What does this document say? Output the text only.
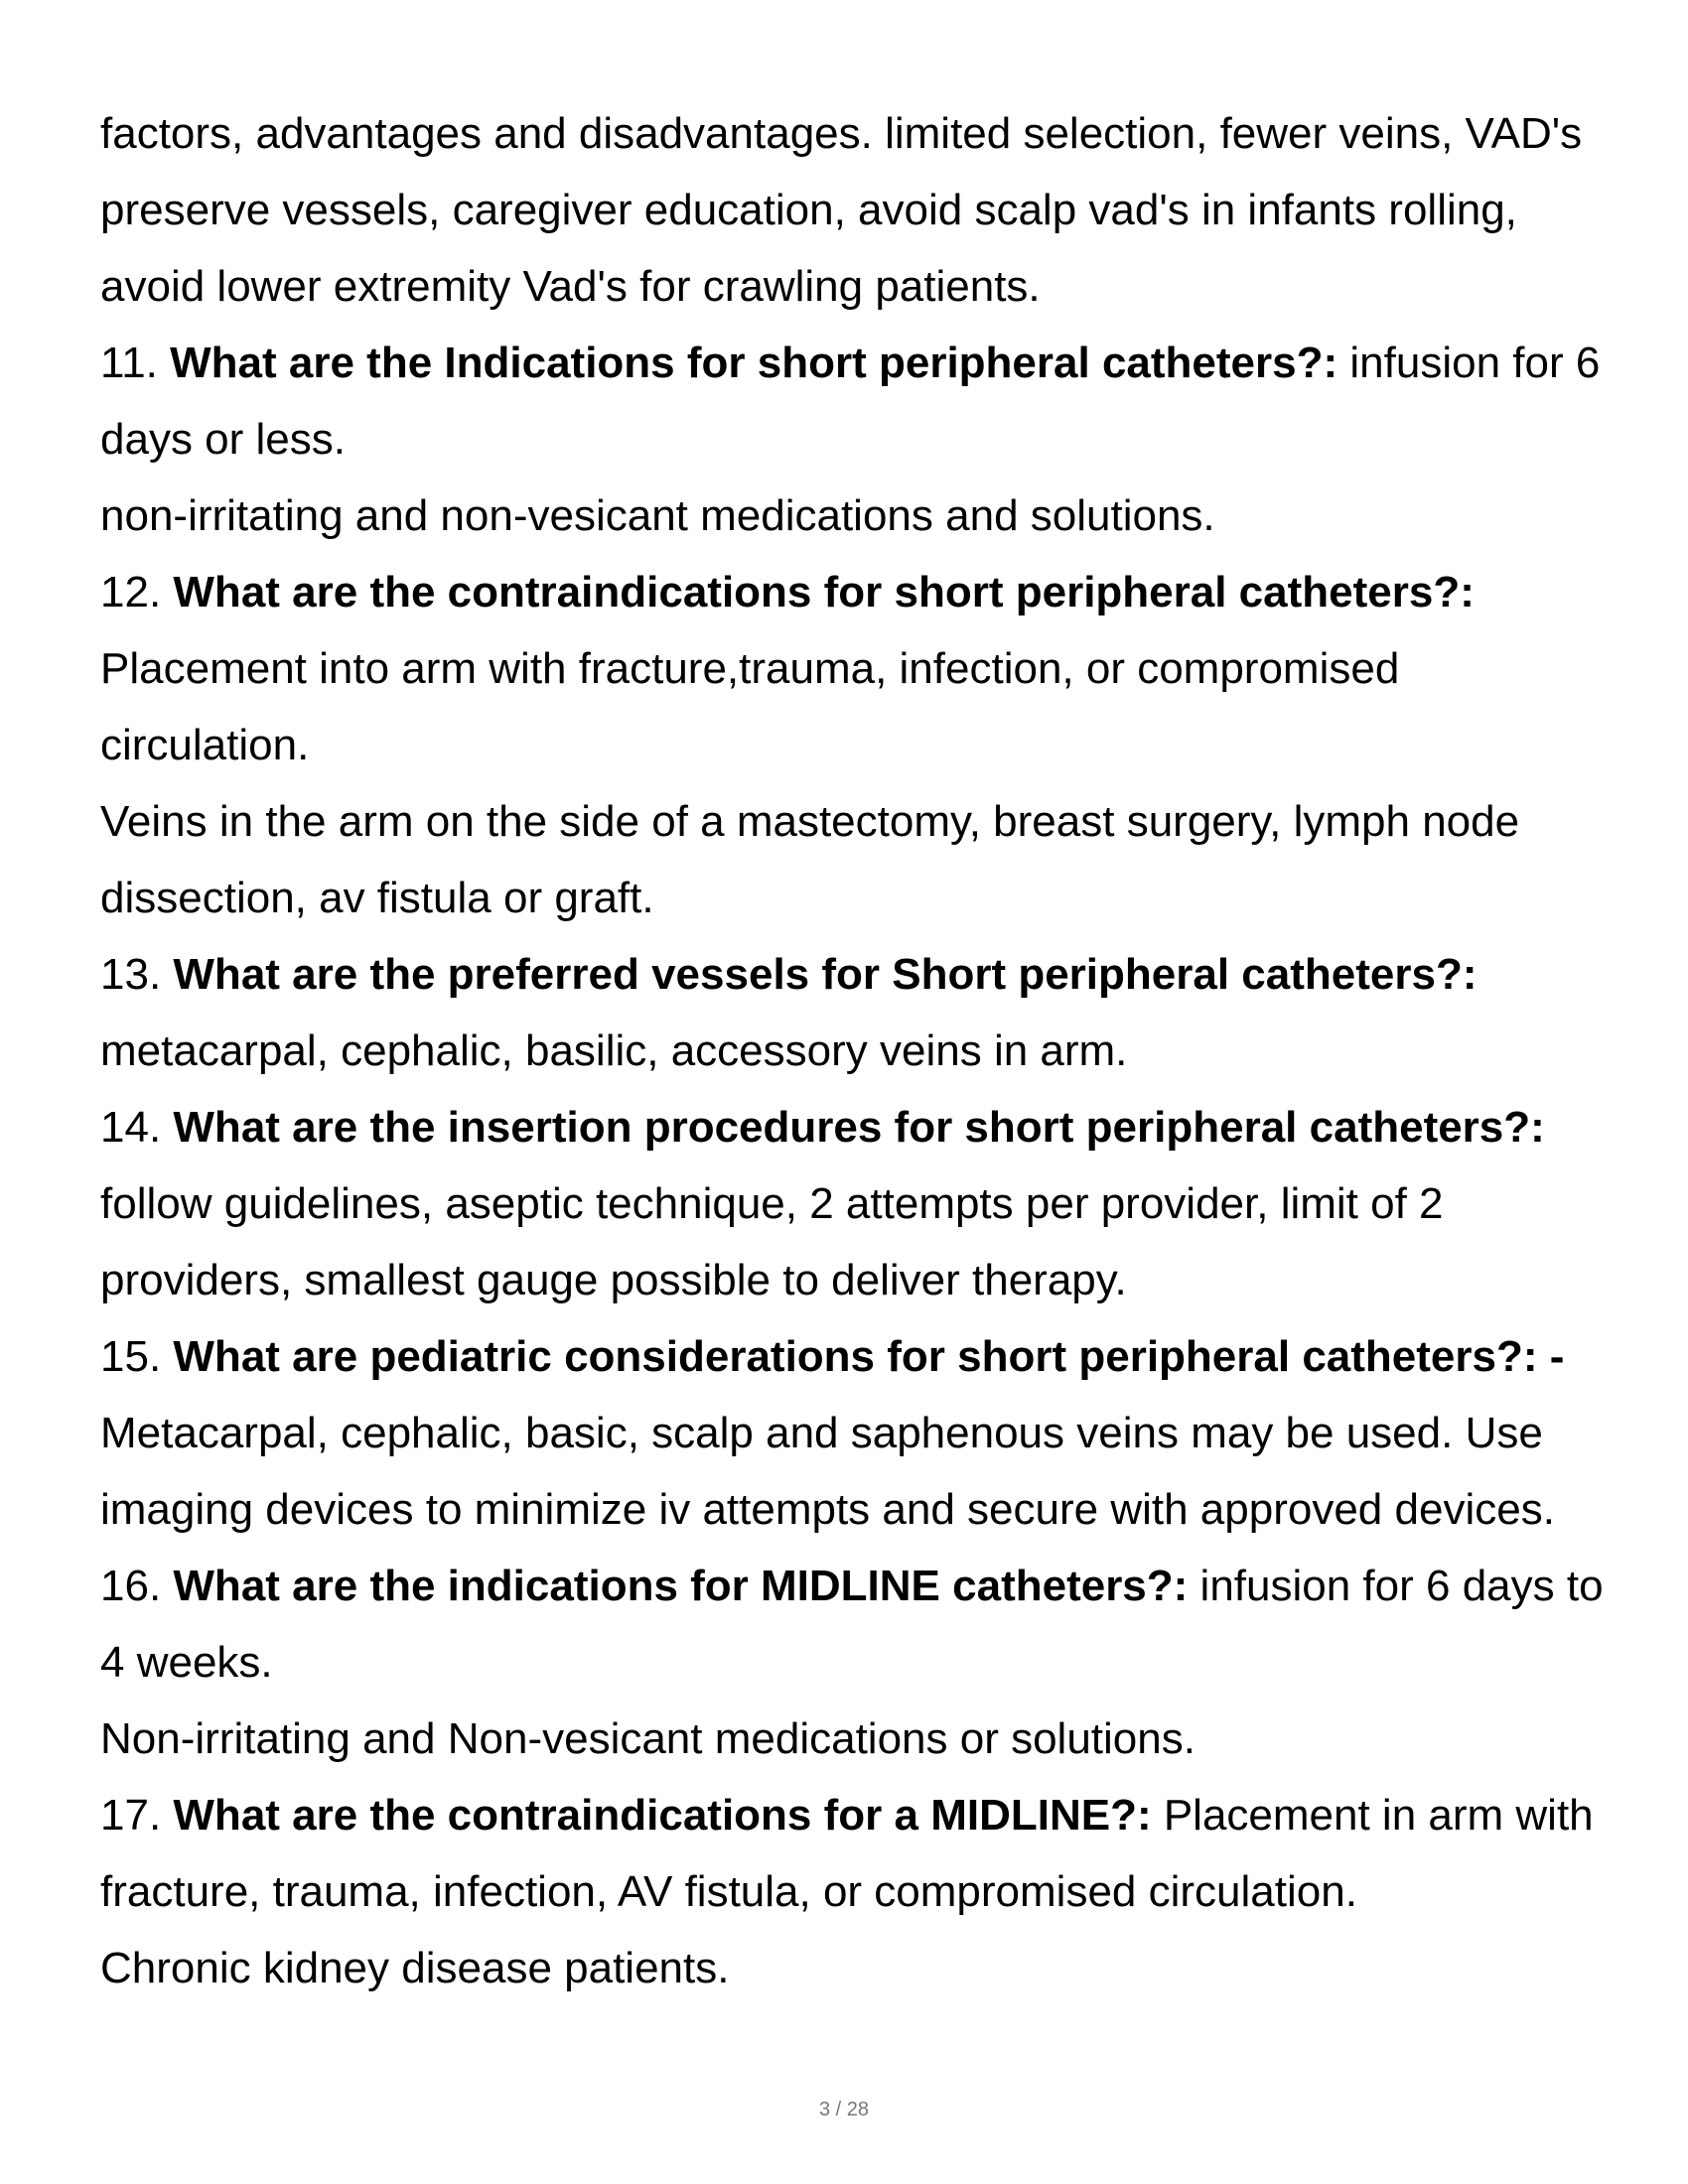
factors, advantages and disadvantages. limited selection, fewer veins, VAD's preserve vessels, caregiver education, avoid scalp vad's in infants rolling, avoid lower extremity Vad's for crawling patients.

11. What are the Indications for short peripheral catheters?: infusion for 6 days or less.

non-irritating and non-vesicant medications and solutions.

12. What are the contraindications for short peripheral catheters?: Placement into arm with fracture,trauma, infection, or compromised circulation.

Veins in the arm on the side of a mastectomy, breast surgery, lymph node dissection, av fistula or graft.

13. What are the preferred vessels for Short peripheral catheters?: metacarpal, cephalic, basilic, accessory veins in arm.

14. What are the insertion procedures for short peripheral catheters?: follow guidelines, aseptic technique, 2 attempts per provider, limit of 2 providers, smallest gauge possible to deliver therapy.

15. What are pediatric considerations for short peripheral catheters?: - Metacarpal, cephalic, basic, scalp and saphenous veins may be used. Use imaging devices to minimize iv attempts and secure with approved devices.

16. What are the indications for MIDLINE catheters?: infusion for 6 days to 4 weeks.

Non-irritating and Non-vesicant medications or solutions.

17. What are the contraindications for a MIDLINE?: Placement in arm with fracture, trauma, infection, AV fistula, or compromised circulation.

Chronic kidney disease patients.

3 / 28
